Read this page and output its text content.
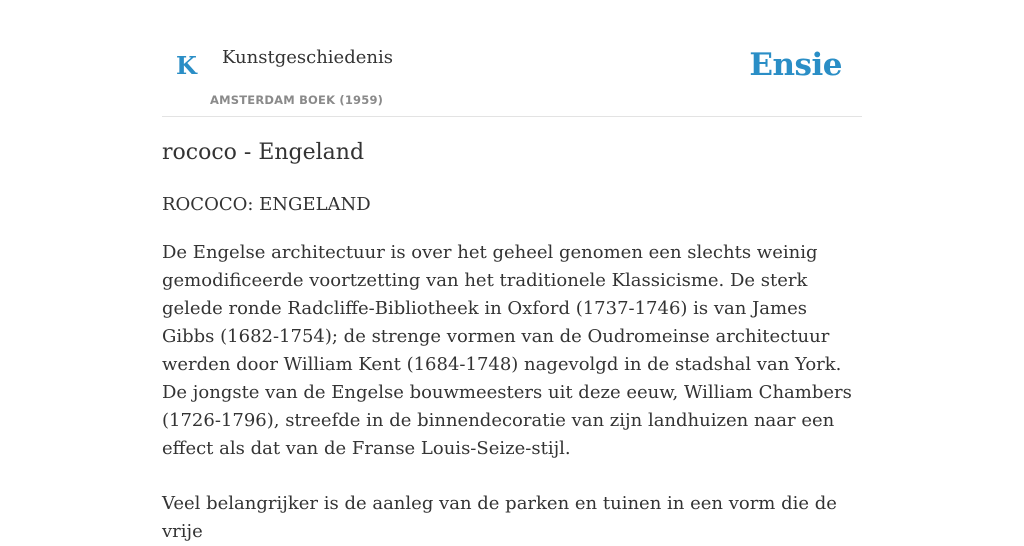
K Kunstgeschiedenis
AMSTERDAM BOEK (1959)
Ensie
rococo - Engeland
ROCOCO: ENGELAND

De Engelse architectuur is over het geheel genomen een slechts weinig gemodificeerde voortzetting van het traditionele Klassicisme. De sterk gelede ronde Radcliffe-Bibliotheek in Oxford (1737-1746) is van James Gibbs (1682-1754); de strenge vormen van de Oudromeinse architectuur werden door William Kent (1684-1748) nagevolgd in de stadshal van York. De jongste van de Engelse bouwmeesters uit deze eeuw, William Chambers (1726-1796), streefde in de binnendecoratie van zijn landhuizen naar een effect als dat van de Franse Louis-Seize-stijl.

Veel belangrijker is de aanleg van de parken en tuinen in een vorm die de vrije
